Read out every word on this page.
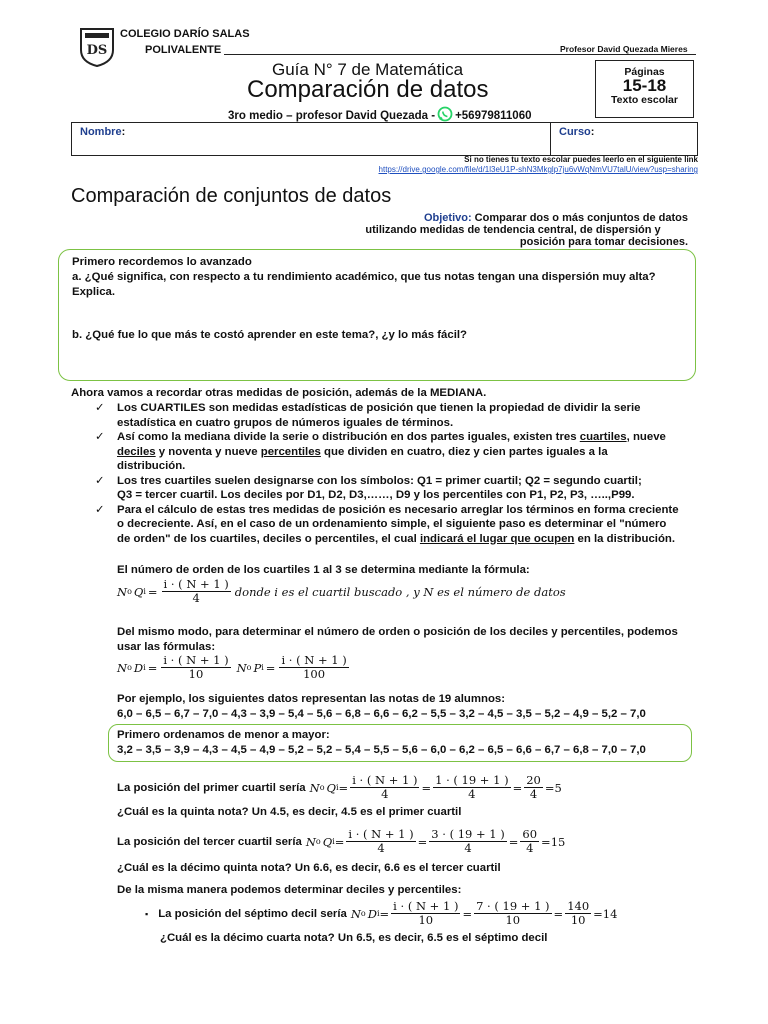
DS
COLEGIO DARÍO SALAS
POLIVALENTE	Profesor David Quezada Mieres
Guía N° 7 de Matemática
Comparación de datos
3ro medio – profesor David Quezada - +56979811060
Páginas
15-18
Texto escolar
Nombre:	Curso:
Si no tienes tu texto escolar puedes leerlo en el siguiente link
https://drive.google.com/file/d/1l3eU1P-shN3Mkglp7ju6vWqNmVU7talU/view?usp=sharing
Comparación de conjuntos de datos
Objetivo: Comparar dos o más conjuntos de datos
utilizando medidas de tendencia central, de dispersión y
posición para tomar decisiones.
Primero recordemos lo avanzado
a. ¿Qué significa, con respecto a tu rendimiento académico, que tus notas tengan una dispersión muy alta?
Explica.
b. ¿Qué fue lo que más te costó aprender en este tema?, ¿y lo más fácil?
Ahora vamos a recordar otras medidas de posición, además de la MEDIANA.
✓ Los CUARTILES son medidas estadísticas de posición que tienen la propiedad de dividir la serie
estadística en cuatro grupos de números iguales de términos.
✓ Así como la mediana divide la serie o distribución en dos partes iguales, existen tres cuartiles, nueve
deciles y noventa y nueve percentiles que dividen en cuatro, diez y cien partes iguales a la
distribución.
✓ Los tres cuartiles suelen designarse con los símbolos: Q1 = primer cuartil; Q2 = segundo cuartil;
Q3 = tercer cuartil. Los deciles por D1, D2, D3,……, D9 y los percentiles con P1, P2, P3, …..,P99.
✓ Para el cálculo de estas tres medidas de posición es necesario arreglar los términos en forma creciente
o decreciente. Así, en el caso de un ordenamiento simple, el siguiente paso es determinar el "número
de orden" de los cuartiles, deciles o percentiles, el cual indicará el lugar que ocupen en la distribución.
El número de orden de los cuartiles 1 al 3 se determina mediante la fórmula:
N o Q $i = \frac{i \cdot ( N + 1 )}{4}$ donde i es el cuartil buscado , y N es el número de datos
Del mismo modo, para determinar el número de orden o posición de los deciles y percentiles, podemos
usar las fórmulas:
N o D $i = \frac{i \cdot ( N + 1 )}{10}$ N o P $i = \frac{i \cdot ( N + 1 )}{100}$
Por ejemplo, los siguientes datos representan las notas de 19 alumnos:
6,0 – 6,5 – 6,7 – 7,0 – 4,3 – 3,9 – 5,4 – 5,6 – 6,8 – 6,6 – 6,2 – 5,5 – 3,2 – 4,5 – 3,5 – 5,2 – 4,9 – 5,2 – 7,0
Primero ordenamos de menor a mayor:
3,2 – 3,5 – 3,9 – 4,3 – 4,5 – 4,9 – 5,2 – 5,2 – 5,4 – 5,5 – 5,6 – 6,0 – 6,2 – 6,5 – 6,6 – 6,7 – 6,8 – 7,0 – 7,0
La posición del primer cuartil sería N o Q $i = \frac{i \cdot ( N + 1 )}{4} = \frac{1 \cdot ( 19 + 1 )}{4} = \frac{20}{4} = 5$
¿Cuál es la quinta nota? Un 4.5, es decir, 4.5 es el primer cuartil
La posición del tercer cuartil sería N o Q $i = \frac{i \cdot ( N + 1 )}{4} = \frac{3 \cdot ( 19 + 1 )}{4} = \frac{60}{4} = 15$
¿Cuál es la décimo quinta nota? Un 6.6, es decir, 6.6 es el tercer cuartil
De la misma manera podemos determinar deciles y percentiles:
▪ La posición del séptimo decil sería N o D $i = \frac{i \cdot ( N + 1 )}{10} = \frac{7 \cdot ( 19 + 1 )}{10} = \frac{140}{10} = 14$
¿Cuál es la décimo cuarta nota? Un 6.5, es decir, 6.5 es el séptimo decil
